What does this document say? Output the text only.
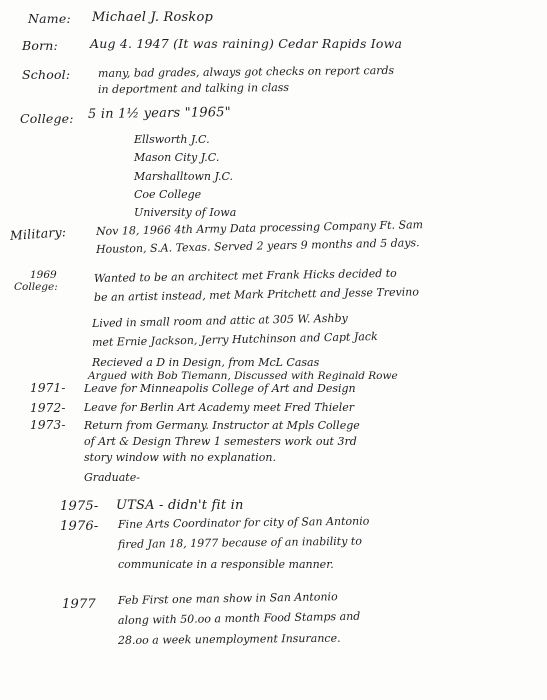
Name: Michael J. Roskop
Born:	Aug 4. 1947 (It was raining) Cedar Rapids Iowa
School:	many, bad grades, always got checks on report cards
in deportment and talking in class
College: 5 in 1½ years "1965"
Ellsworth J.C.
Mason City J.C.
Marshalltown J.C.
Coe College
University of Iowa
Military:	Nov 18, 1966 4th Army Data processing Company Ft. Sam
Houston, S.A. Texas. Served 2 years 9 months and 5 days.
1969
College:
Wanted to be an architect met Frank Hicks decided to
be an artist instead, met Mark Pritchett and Jesse Trevino
Lived in small room and attic at 305 W. Ashby
met Ernie Jackson, Jerry Hutchinson and Capt Jack
Recieved a D in Design, from McL Casas
Argued with Bob Tiemann, Discussed with Reginald Rowe
1971- Leave for Minneapolis College of Art and Design
1972- Leave for Berlin Art Academy meet Fred Thieler
1973- Return from Germany. Instructor at Mpls College
of Art & Design Threw 1 semesters work out 3rd
story window with no explanation.
Graduate-
1975- UTSA - didn't fit in
1976- Fine Arts Coordinator for city of San Antonio
fired Jan 18, 1977 because of an inability to
communicate in a responsible manner.
1977 Feb First one man show in San Antonio
along with 50.oo a month Food Stamps and
28.oo a week unemployment Insurance.
